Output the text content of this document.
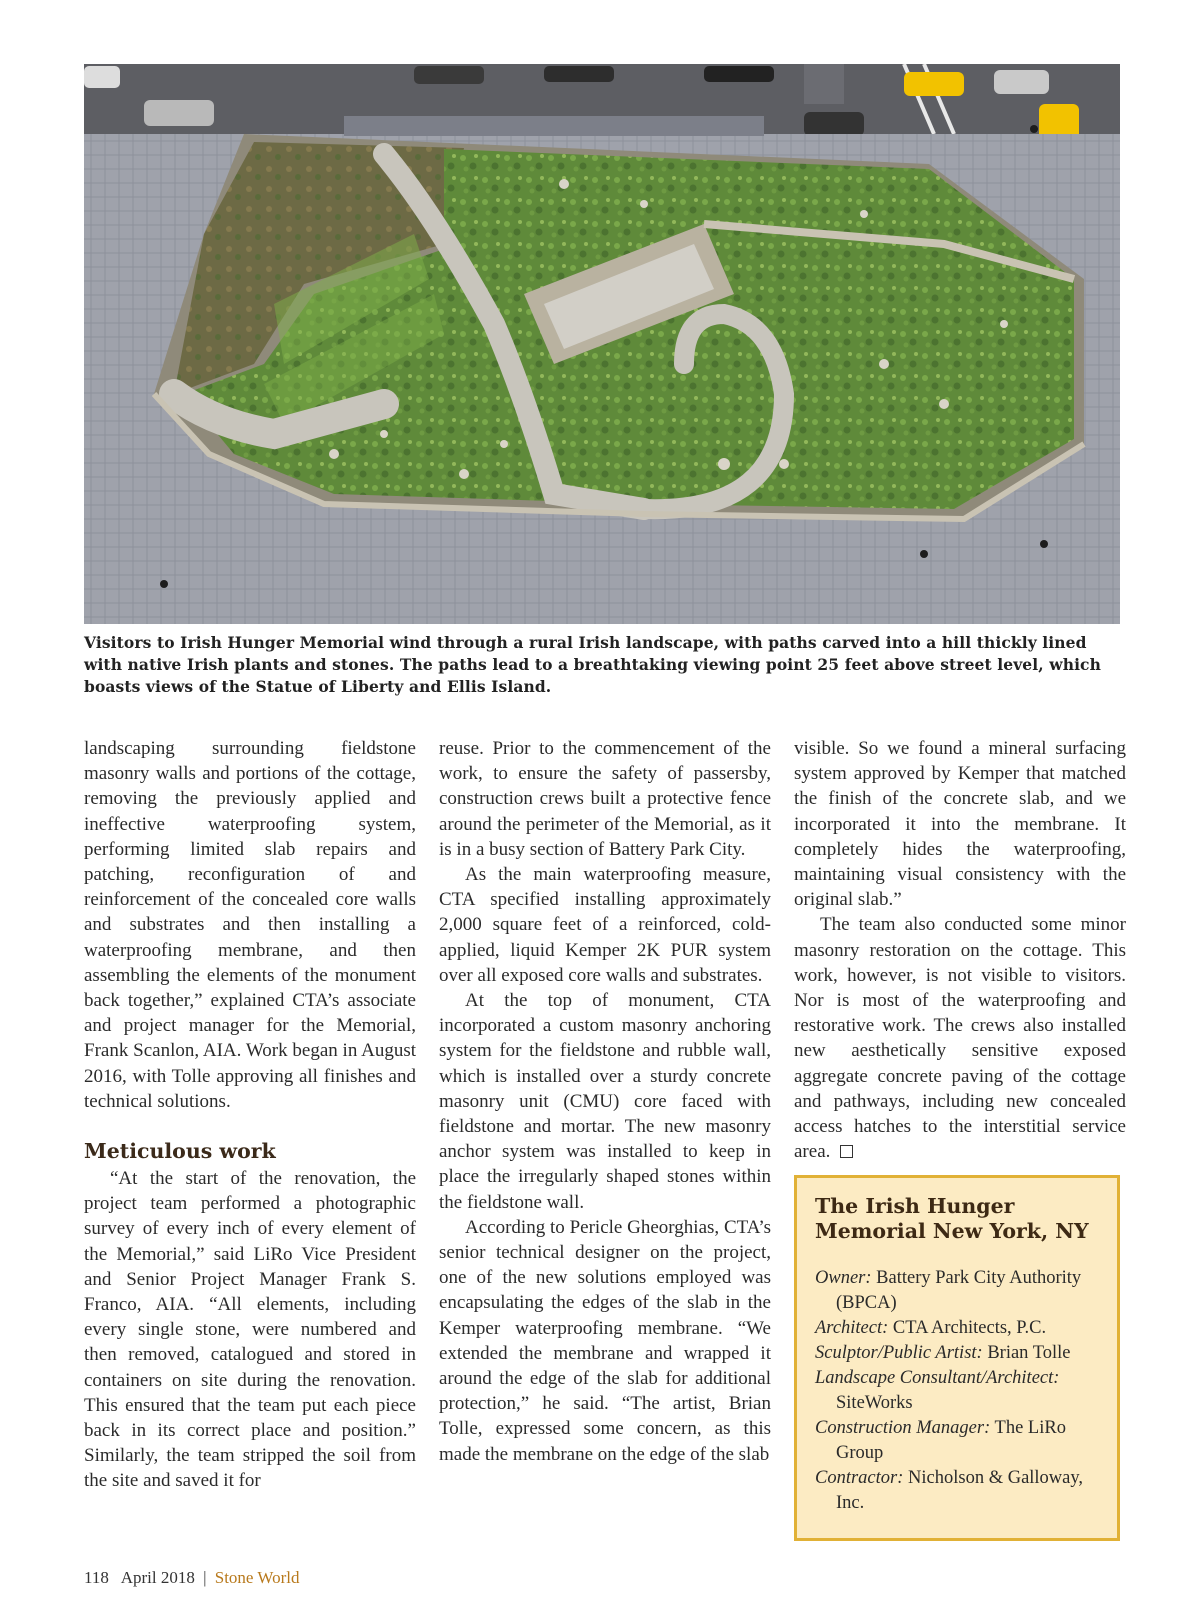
Visitors to Irish Hunger Memorial wind through a rural Irish landscape, with paths carved into a hill thickly lined with native Irish plants and stones. The paths lead to a breathtaking viewing point 25 feet above street level, which boasts views of the Statue of Liberty and Ellis Island.

landscaping surrounding fieldstone masonry walls and portions of the cottage, removing the previously applied and ineffective waterproofing system, performing limited slab repairs and patching, reconfiguration of and reinforcement of the concealed core walls and substrates and then installing a waterproofing membrane, and then assembling the elements of the monument back together,” explained CTA’s associate and project manager for the Memorial, Frank Scanlon, AIA. Work began in August 2016, with Tolle approving all finishes and technical solutions.

Meticulous work

“At the start of the renovation, the project team performed a photographic survey of every inch of every element of the Memorial,” said LiRo Vice President and Senior Project Manager Frank S. Franco, AIA. “All elements, including every single stone, were numbered and then removed, catalogued and stored in containers on site during the renovation. This ensured that the team put each piece back in its correct place and position.” Similarly, the team stripped the soil from the site and saved it for

reuse. Prior to the commencement of the work, to ensure the safety of passersby, construction crews built a protective fence around the perimeter of the Memorial, as it is in a busy section of Battery Park City.

As the main waterproofing measure, CTA specified installing approximately 2,000 square feet of a reinforced, cold-applied, liquid Kemper 2K PUR system over all exposed core walls and substrates.

At the top of monument, CTA incorporated a custom masonry anchoring system for the fieldstone and rubble wall, which is installed over a sturdy concrete masonry unit (CMU) core faced with fieldstone and mortar. The new masonry anchor system was installed to keep in place the irregularly shaped stones within the fieldstone wall.

According to Pericle Gheorghias, CTA’s senior technical designer on the project, one of the new solutions employed was encapsulating the edges of the slab in the Kemper waterproofing membrane. “We extended the membrane and wrapped it around the edge of the slab for additional protection,” he said. “The artist, Brian Tolle, expressed some concern, as this made the membrane on the edge of the slab

visible. So we found a mineral surfacing system approved by Kemper that matched the finish of the concrete slab, and we incorporated it into the membrane. It completely hides the waterproofing, maintaining visual consistency with the original slab.”

The team also conducted some minor masonry restoration on the cottage. This work, however, is not visible to visitors. Nor is most of the waterproofing and restorative work. The crews also installed new aesthetically sensitive exposed aggregate concrete paving of the cottage and pathways, including new concealed access hatches to the interstitial service area.

The Irish Hunger Memorial New York, NY
Owner: Battery Park City Authority (BPCA)
Architect: CTA Architects, P.C.
Sculptor/Public Artist: Brian Tolle
Landscape Consultant/Architect: SiteWorks
Construction Manager: The LiRo Group
Contractor: Nicholson & Galloway, Inc.
118 April 2018 | Stone World
